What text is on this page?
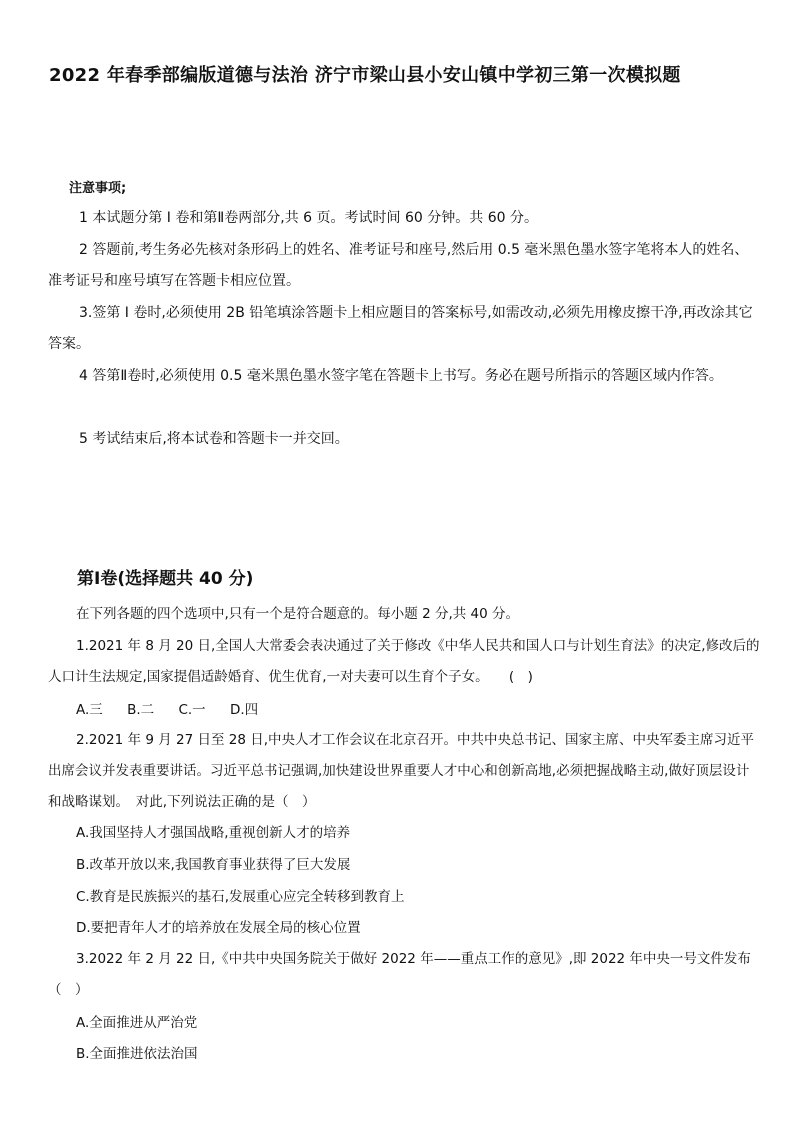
2022 年春季部编版道德与法治 济宁市梁山县小安山镇中学初三第一次模拟题
注意事项;

1 本试题分第 I 卷和第Ⅱ卷两部分,共 6 页。考试时间 60 分钟。共 60 分。

2 答题前,考生务必先核对条形码上的姓名、准考证号和座号,然后用 0.5 毫米黑色墨水签字笔将本人的姓名、准考证号和座号填写在答题卡相应位置。

3.签第 I 卷时,必须使用 2B 铅笔填涂答题卡上相应题目的答案标号,如需改动,必须先用橡皮擦干净,再改涂其它答案。

4 答第Ⅱ卷时,必须使用 0.5 毫米黑色墨水签字笔在答题卡上书写。务必在题号所指示的答题区域内作答。

5 考试结束后,将本试卷和答题卡一并交回。

第Ⅰ卷(选择题共 40 分)

在下列各题的四个选项中,只有一个是符合题意的。每小题 2 分,共 40 分。

1.2021 年 8 月 20 日,全国人大常委会表决通过了关于修改《中华人民共和国人口与计划生育法》的决定,修改后的人口计生法规定,国家提倡适龄婚育、优生优育,一对夫妻可以生育个子女。　　(　)

A.三 B.二 C.一 D.四

2.2021 年 9 月 27 日至 28 日,中央人才工作会议在北京召开。中共中央总书记、国家主席、中央军委主席习近平出席会议并发表重要讲话。习近平总书记强调,加快建设世界重要人才中心和创新高地,必须把握战略主动,做好顶层设计和战略谋划。　对此,下列说法正确的是（　）

A.我国坚持人才强国战略,重视创新人才的培养
B.改革开放以来,我国教育事业获得了巨大发展
C.教育是民族振兴的基石,发展重心应完全转移到教育上
D.要把青年人才的培养放在发展全局的核心位置

3.2022 年 2 月 22 日,《中共中央国务院关于做好 2022 年——重点工作的意见》,即 2022 年中央一号文件发布（　）

A.全面推进从严治党
B.全面推进依法治国
